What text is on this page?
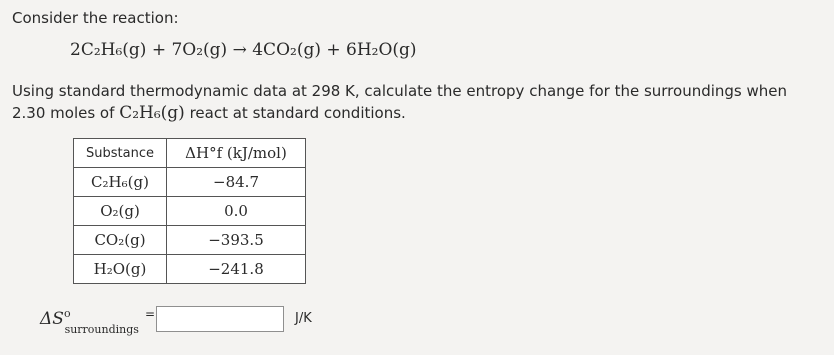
Consider the reaction:
2C₂H₆(g) + 7O₂(g) → 4CO₂(g) + 6H₂O(g)
Using standard thermodynamic data at 298 K, calculate the entropy change for the surroundings when 2.30 moles of C₂H₆(g) react at standard conditions.
Substance	ΔH°f (kJ/mol)
C₂H₆(g)	−84.7
O₂(g)	0.0
CO₂(g)	−393.5
H₂O(g)	−241.8
$\Delta S^o_{surroundings}$
=	J/K
